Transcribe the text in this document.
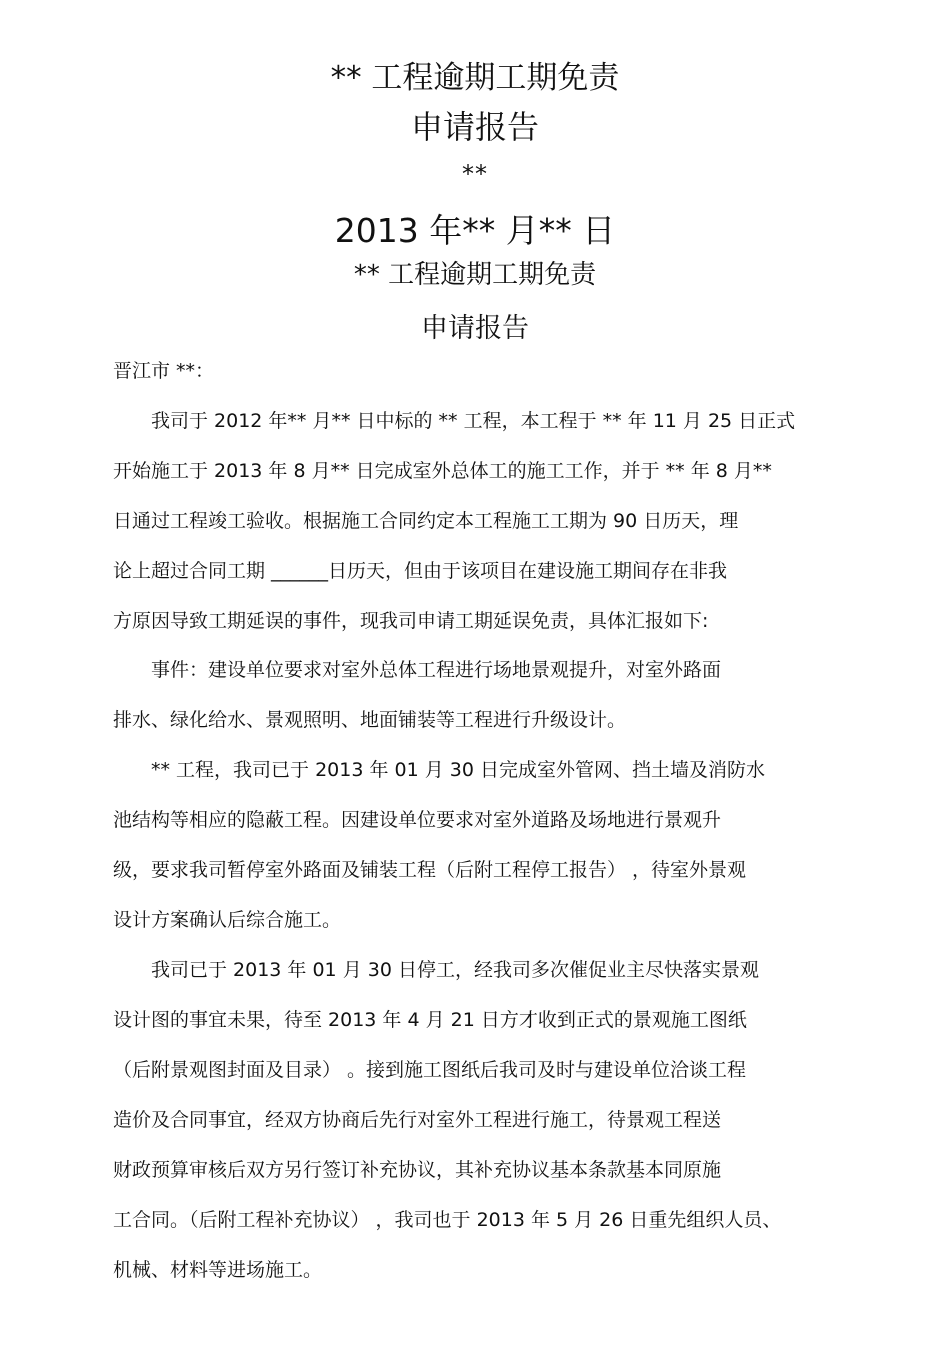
** 工程逾期工期免责
申请报告
**
2013 年** 月** 日
** 工程逾期工期免责
申请报告
晋江市 **：
　　我司于 2012 年** 月** 日中标的 ** 工程，本工程于 ** 年 11 月 25 日正式
开始施工于 2013 年 8 月** 日完成室外总体工的施工工作，并于 ** 年 8 月**
日通过工程竣工验收。根据施工合同约定本工程施工工期为 90 日历天，理
论上超过合同工期 ______日历天，但由于该项目在建设施工期间存在非我
方原因导致工期延误的事件，现我司申请工期延误免责，具体汇报如下:
　　事件：建设单位要求对室外总体工程进行场地景观提升，对室外路面
排水、绿化给水、景观照明、地面铺装等工程进行升级设计。
　　** 工程，我司已于 2013 年 01 月 30 日完成室外管网、挡土墙及消防水
池结构等相应的隐蔽工程。因建设单位要求对室外道路及场地进行景观升
级，要求我司暂停室外路面及铺装工程（后附工程停工报告） ，待室外景观
设计方案确认后综合施工。
　　我司已于 2013 年 01 月 30 日停工，经我司多次催促业主尽快落实景观
设计图的事宜未果，待至 2013 年 4 月 21 日方才收到正式的景观施工图纸
（后附景观图封面及目录） 。接到施工图纸后我司及时与建设单位洽谈工程
造价及合同事宜，经双方协商后先行对室外工程进行施工，待景观工程送
财政预算审核后双方另行签订补充协议，其补充协议基本条款基本同原施
工合同。（后附工程补充协议） ，我司也于 2013 年 5 月 26 日重先组织人员、
机械、材料等进场施工。
